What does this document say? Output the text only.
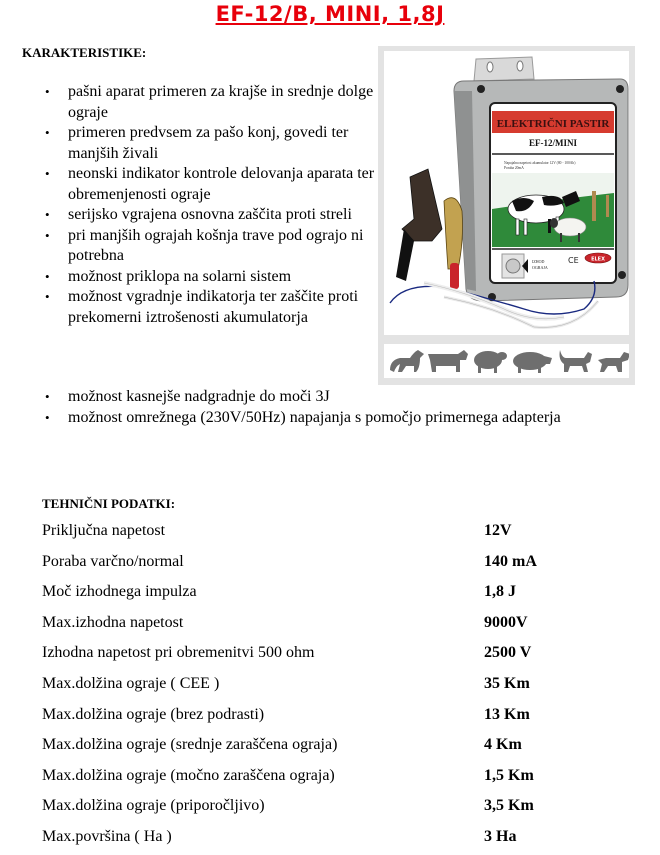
EF-12/B, MINI, 1,8J
KARAKTERISTIKE:
• pašni aparat primeren za krajše in srednje dolge ograje
• primeren predvsem za pašo konj, govedi ter manjših živali
• neonski indikator kontrole delovanja aparata ter obremenjenosti ograje
• serijsko vgrajena osnovna zaščita proti streli
• pri manjših ograjah košnja trave pod ograjo ni potrebna
• možnost priklopa na solarni sistem
• možnost vgradnje indikatorja ter zaščite proti prekomerni iztrošenosti akumulatorja
ELEKTRIČNI PASTIR
EF-12/MINI
Napajalna napetost akumulator 12V (80 - 100Ah)
Poraba 20mA
IZHOD
OGRAJA
CE ELEX
• možnost kasnejše nadgradnje do moči 3J
• možnost omrežnega (230V/50Hz) napajanja s pomočjo primernega adapterja
TEHNIČNI PODATKI:
Priključna napetost	12V
Poraba varčno/normal	140 mA
Moč izhodnega impulza	1,8 J
Max.izhodna napetost	9000V
Izhodna napetost pri obremenitvi 500 ohm	2500 V
Max.dolžina ograje ( CEE )	35 Km
Max.dolžina ograje (brez podrasti)	13 Km
Max.dolžina ograje (srednje zaraščena ograja)	4 Km
Max.dolžina ograje (močno zaraščena ograja)	1,5 Km
Max.dolžina ograje (priporočljivo)	3,5 Km
Max.površina ( Ha )	3 Ha
